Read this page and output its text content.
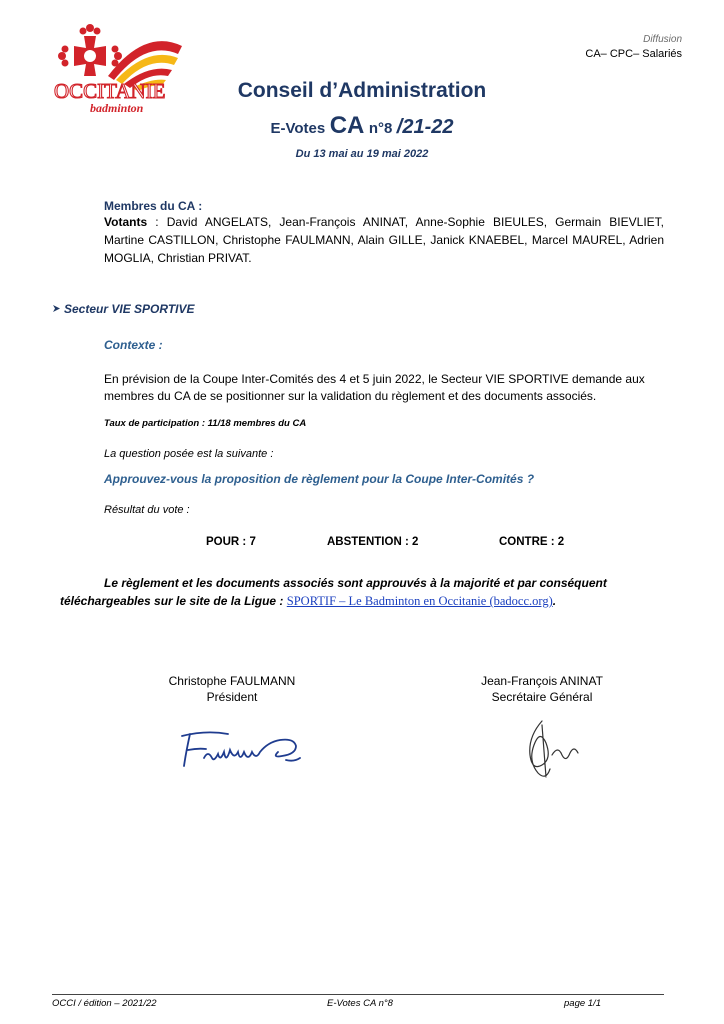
OCCITANIE
badminton
Diffusion
CA– CPC– Salariés
Conseil d’Administration
E-Votes CA n°8 /21-22
Du 13 mai au 19 mai 2022
Membres du CA :
Votants : David ANGELATS, Jean-François ANINAT, Anne-Sophie BIEULES, Germain BIEVLIET, Martine CASTILLON, Christophe FAULMANN, Alain GILLE, Janick KNAEBEL, Marcel MAUREL, Adrien MOGLIA, Christian PRIVAT.
Secteur VIE SPORTIVE
Contexte :
En prévision de la Coupe Inter-Comités des 4 et 5 juin 2022, le Secteur VIE SPORTIVE demande aux membres du CA de se positionner sur la validation du règlement et des documents associés.
Taux de participation : 11/18 membres du CA
La question posée est la suivante :
Approuvez-vous la proposition de règlement pour la Coupe Inter-Comités ?
Résultat du vote :
POUR : 7	ABSTENTION : 2	CONTRE : 2
Le règlement et les documents associés sont approuvés à la majorité et par conséquent téléchargeables sur le site de la Ligue : SPORTIF – Le Badminton en Occitanie (badocc.org).
Christophe FAULMANN
Président
Jean-François ANINAT
Secrétaire Général
OCCI / édition – 2021/22	E-Votes CA n°8	page 1/1
